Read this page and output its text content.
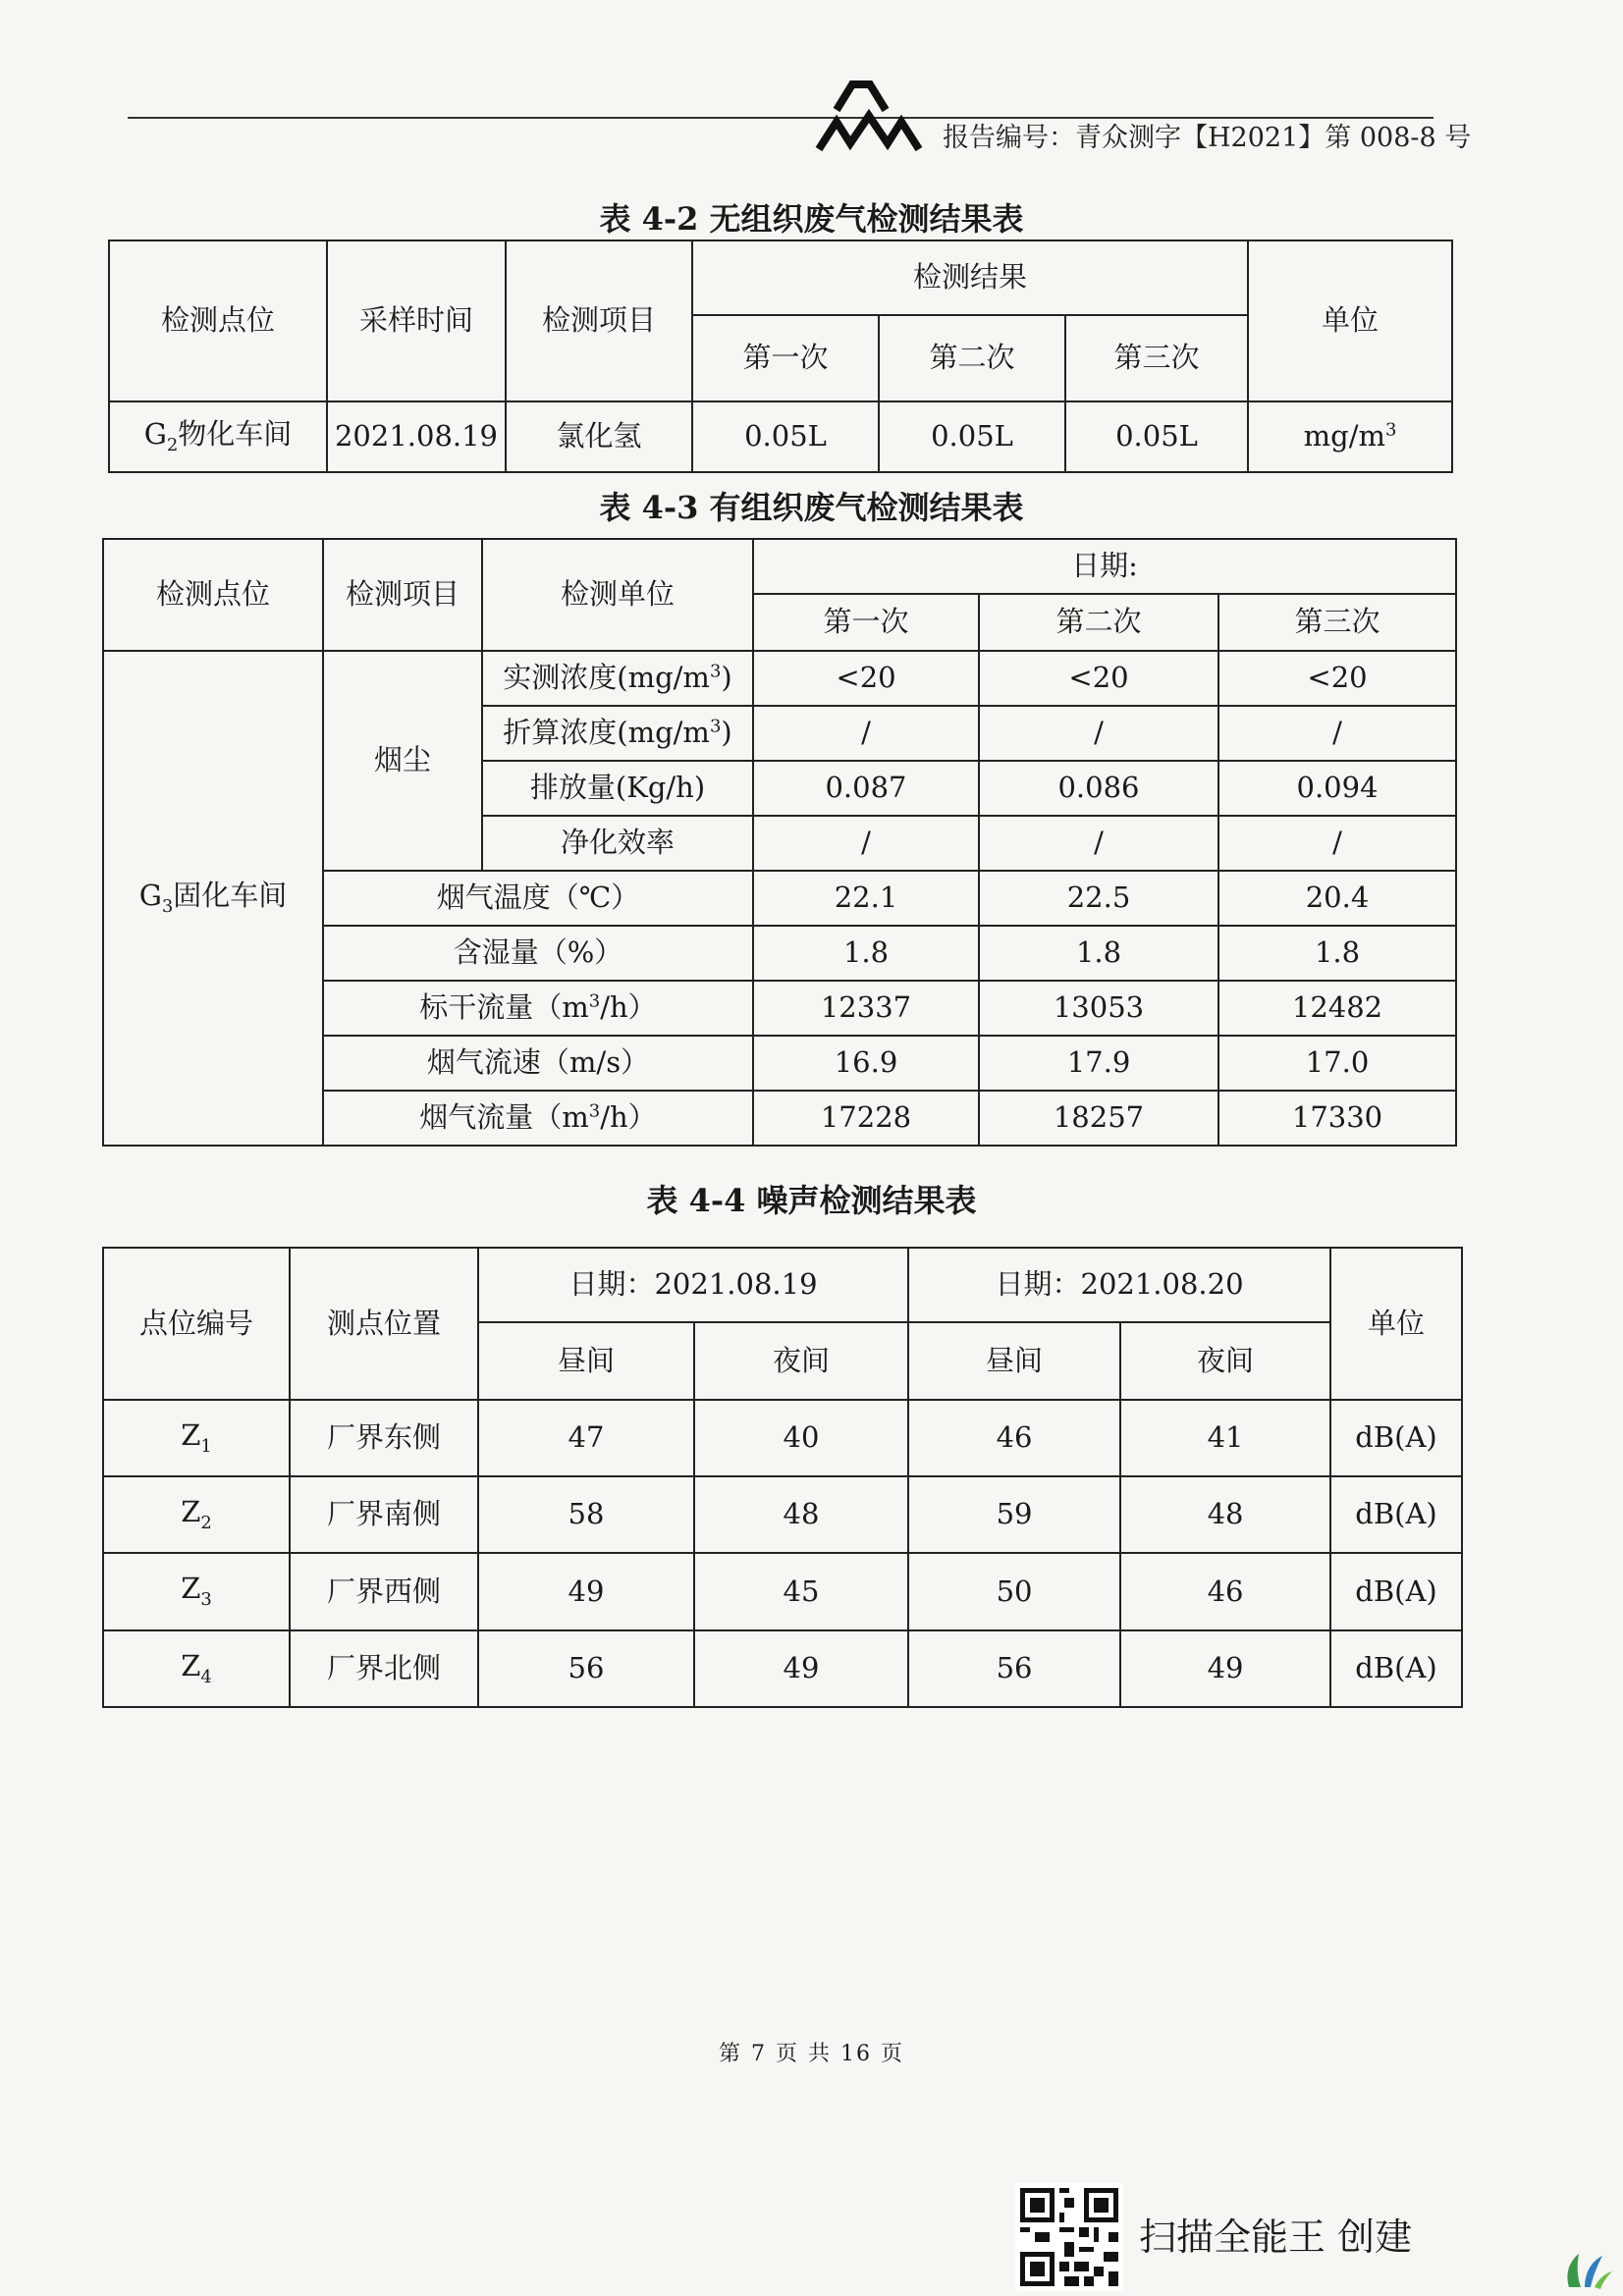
报告编号：青众测字【H2021】第 008-8 号
表 4-2 无组织废气检测结果表
检测点位	采样时间	检测项目	检测结果			单位
			第一次	第二次	第三次	
$G_2$物化车间	2021.08.19	氯化氢	0.05L	0.05L	0.05L	$mg/m^3$
表 4-3 有组织废气检测结果表
检测点位	检测项目	检测单位	日期:		
			第一次	第二次	第三次
$G_3$固化车间	烟尘	实测浓度$(mg/m^3)$	<20	<20	<20
		折算浓度$(mg/m^3)$	/	/	/
		排放量(Kg/h)	0.087	0.086	0.094
		净化效率	/	/	/
	烟气温度（℃）		22.1	22.5	20.4
	含湿量（%）		1.8	1.8	1.8
	标干流量$(m^3/h)$		12337	13053	12482
	烟气流速（m/s）		16.9	17.9	17.0
	烟气流量$(m^3/h)$		17228	18257	17330
表 4-4 噪声检测结果表
点位编号	测点位置	日期：2021.08.19		日期：2021.08.20		单位
		昼间	夜间	昼间	夜间	
$Z_1$	厂界东侧	47	40	46	41	dB(A)
$Z_2$	厂界南侧	58	48	59	48	dB(A)
$Z_3$	厂界西侧	49	45	50	46	dB(A)
$Z_4$	厂界北侧	56	49	56	49	dB(A)
第 7 页 共 16 页
扫描全能王 创建
